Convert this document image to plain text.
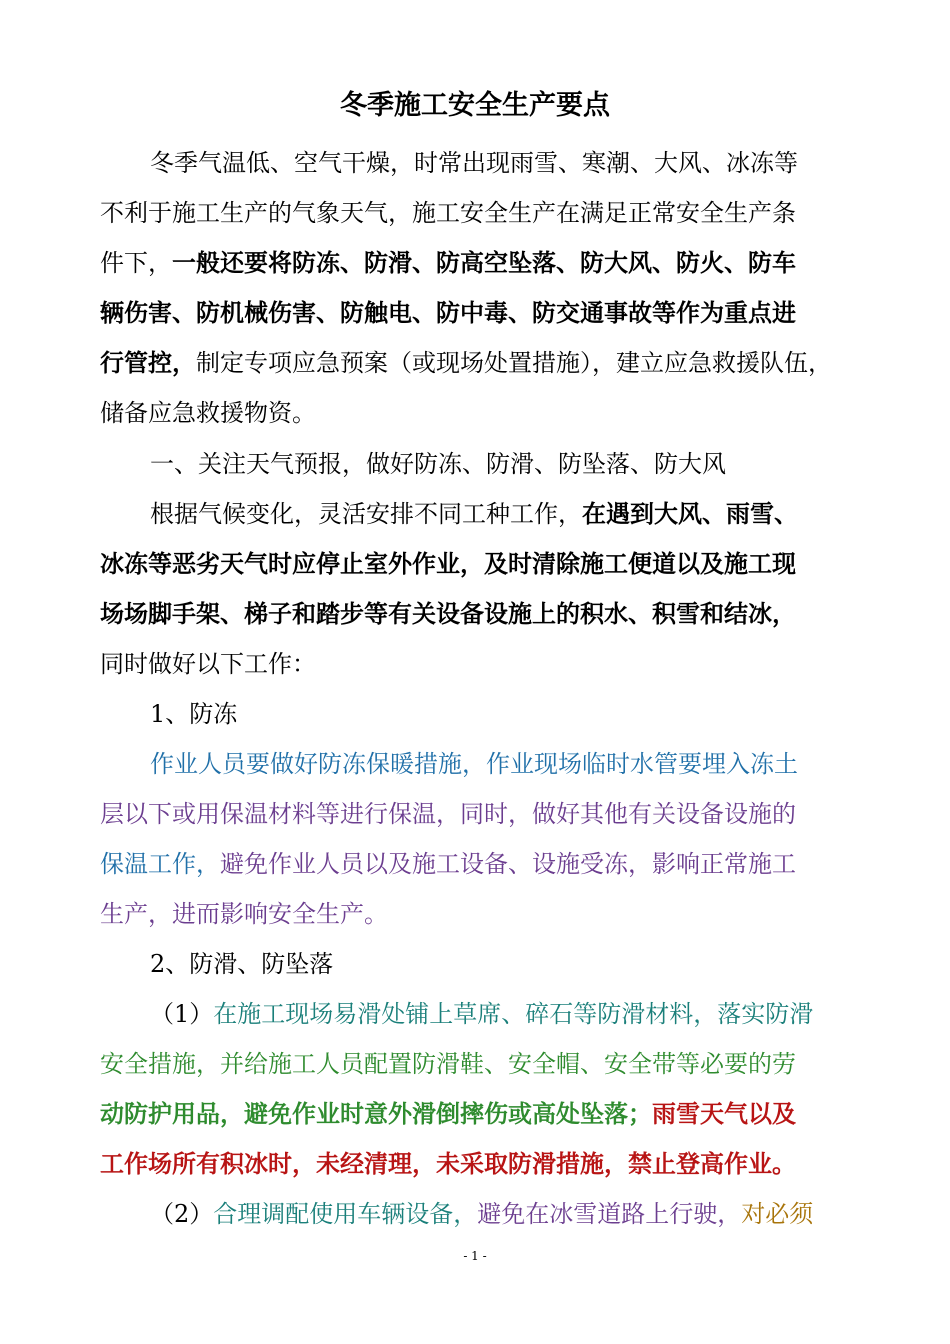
冬季施工安全生产要点
冬季气温低、空气干燥，时常出现雨雪、寒潮、大风、冰冻等
不利于施工生产的气象天气，施工安全生产在满足正常安全生产条
件下，一般还要将防冻、防滑、防高空坠落、防大风、防火、防车
辆伤害、防机械伤害、防触电、防中毒、防交通事故等作为重点进
行管控，制定专项应急预案（或现场处置措施），建立应急救援队伍，
储备应急救援物资。
一、关注天气预报，做好防冻、防滑、防坠落、防大风
根据气候变化，灵活安排不同工种工作，在遇到大风、雨雪、
冰冻等恶劣天气时应停止室外作业，及时清除施工便道以及施工现
场场脚手架、梯子和踏步等有关设备设施上的积水、积雪和结冰，
同时做好以下工作：
1、防冻
作业人员要做好防冻保暖措施，作业现场临时水管要埋入冻土
层以下或用保温材料等进行保温，同时，做好其他有关设备设施的
保温工作，避免作业人员以及施工设备、设施受冻，影响正常施工
生产，进而影响安全生产。
2、防滑、防坠落
（1）在施工现场易滑处铺上草席、碎石等防滑材料，落实防滑
安全措施，并给施工人员配置防滑鞋、安全帽、安全带等必要的劳
动防护用品，避免作业时意外滑倒摔伤或高处坠落；雨雪天气以及
工作场所有积冰时，未经清理，未采取防滑措施，禁止登高作业。
（2）合理调配使用车辆设备，避免在冰雪道路上行驶，对必须
- 1 -
